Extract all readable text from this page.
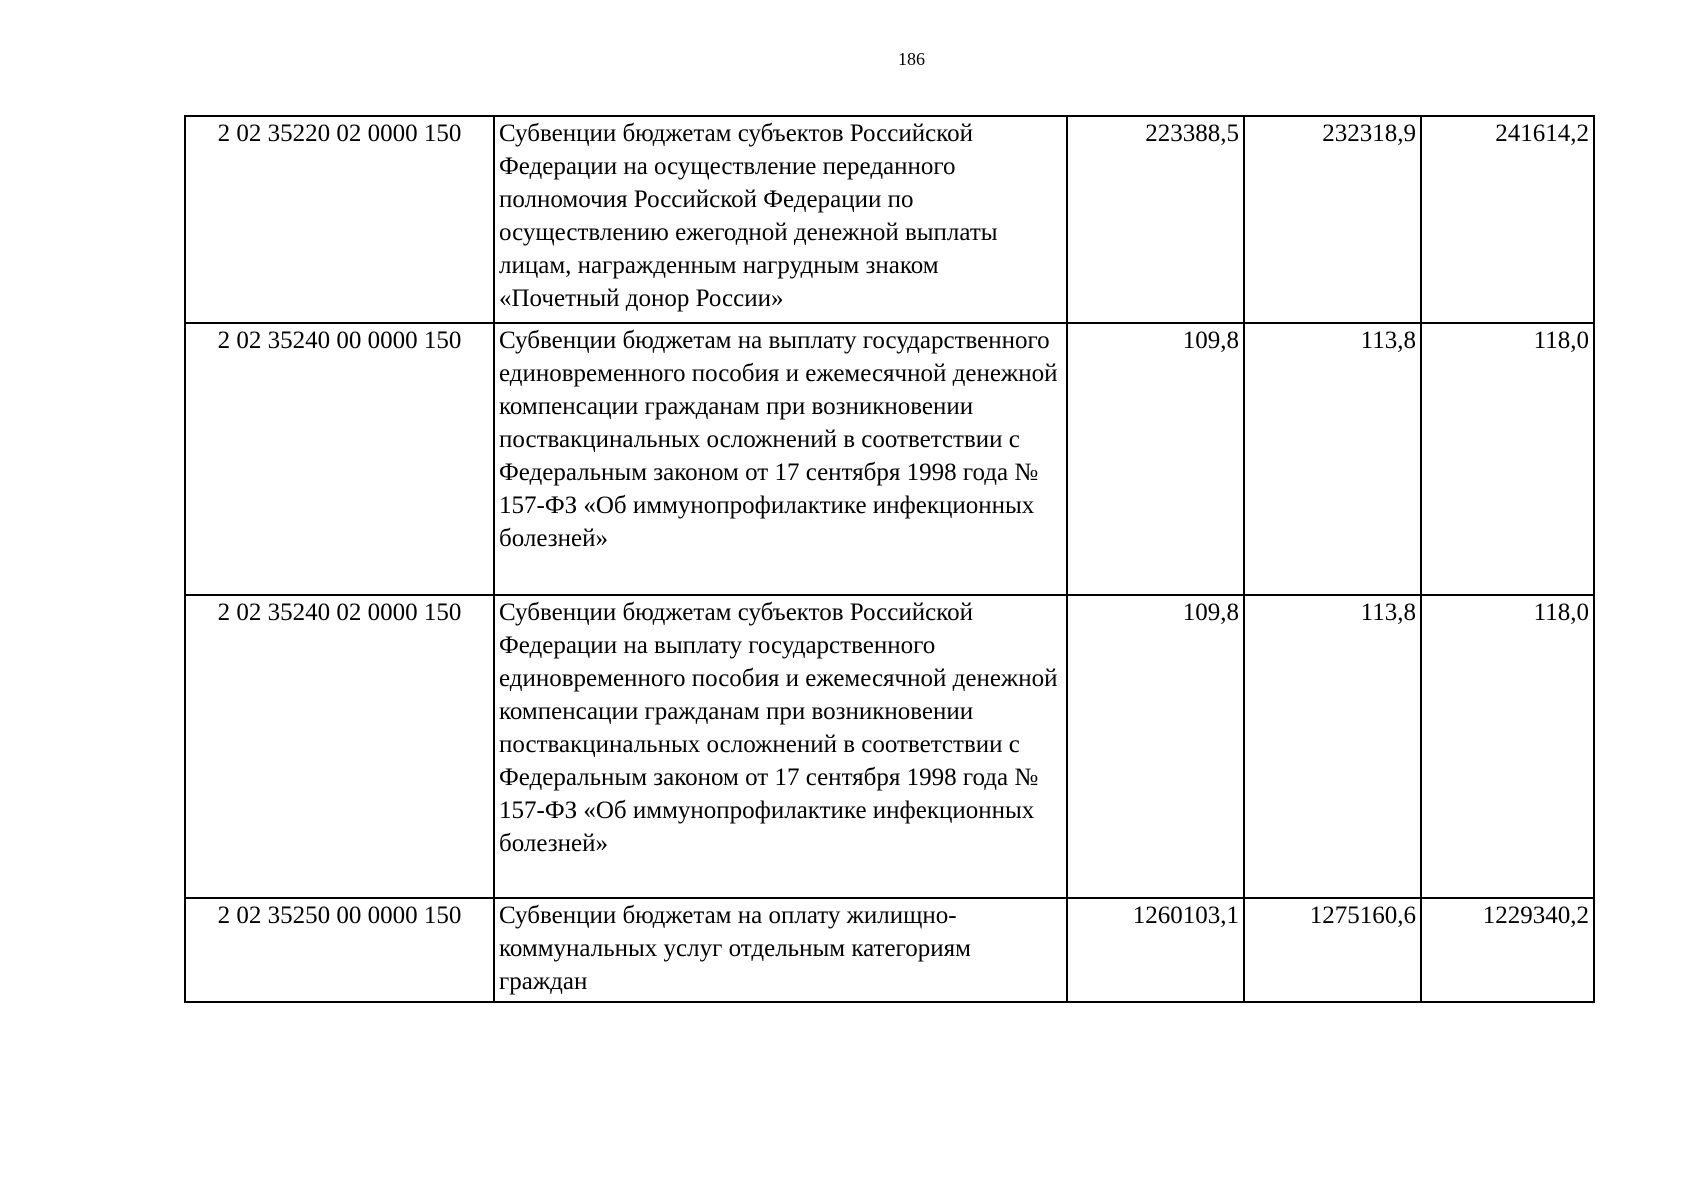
186
2 02 35220 02 0000 150	Субвенции бюджетам субъектов Российской Федерации на осуществление переданного полномочия Российской Федерации по осуществлению ежегодной денежной выплаты лицам, награжденным нагрудным знаком «Почетный донор России»	223388,5	232318,9	241614,2
2 02 35240 00 0000 150	Субвенции бюджетам на выплату государственного единовременного пособия и ежемесячной денежной компенсации гражданам при возникновении поствакцинальных осложнений в соответствии с Федеральным законом от 17 сентября 1998 года № 157-ФЗ «Об иммунопрофилактике инфекционных болезней»	109,8	113,8	118,0
2 02 35240 02 0000 150	Субвенции бюджетам субъектов Российской Федерации на выплату государственного единовременного пособия и ежемесячной денежной компенсации гражданам при возникновении поствакцинальных осложнений в соответствии с Федеральным законом от 17 сентября 1998 года № 157-ФЗ «Об иммунопрофилактике инфекционных болезней»	109,8	113,8	118,0
2 02 35250 00 0000 150	Субвенции бюджетам на оплату жилищно-коммунальных услуг отдельным категориям граждан	1260103,1	1275160,6	1229340,2
